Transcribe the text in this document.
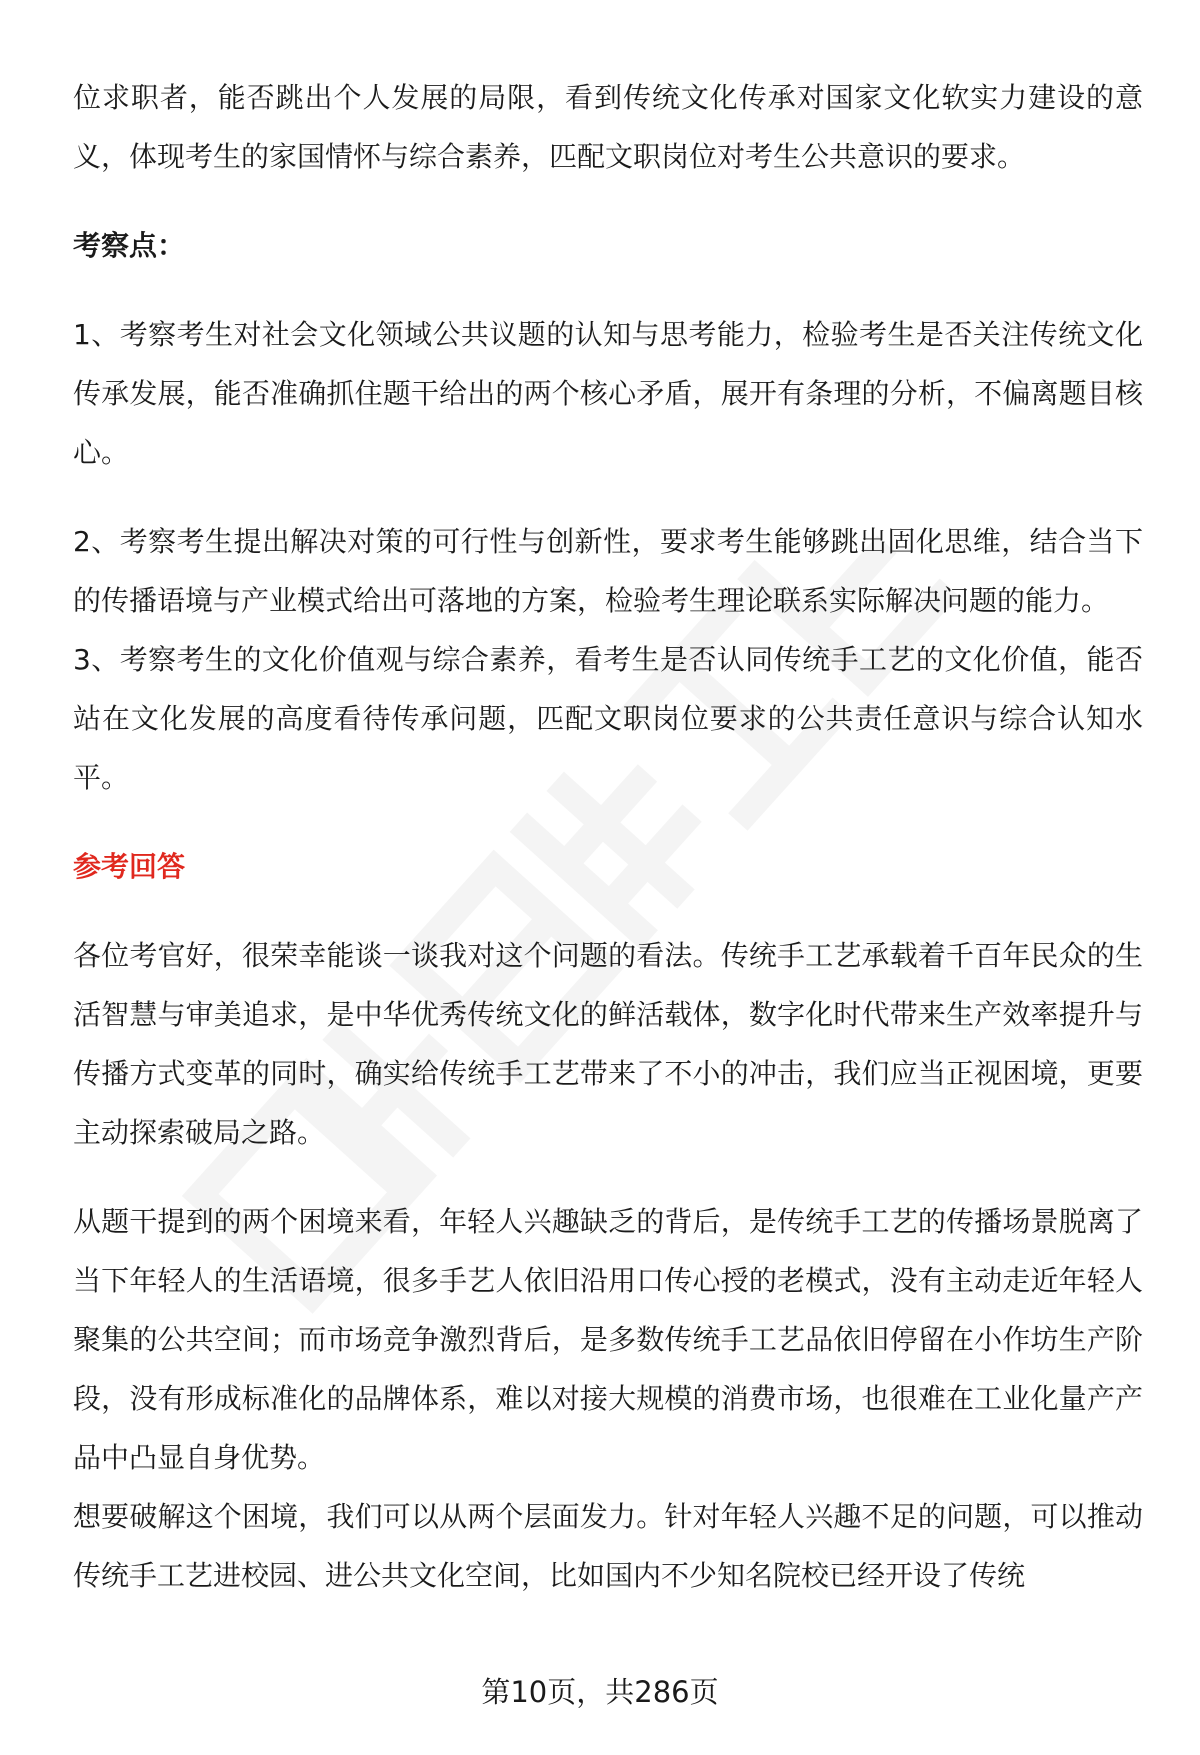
位求职者，能否跳出个人发展的局限，看到传统文化传承对国家文化软实力建设的意义，体现考生的家国情怀与综合素养，匹配文职岗位对考生公共意识的要求。

考察点：

1、考察考生对社会文化领域公共议题的认知与思考能力，检验考生是否关注传统文化传承发展，能否准确抓住题干给出的两个核心矛盾，展开有条理的分析，不偏离题目核心。

2、考察考生提出解决对策的可行性与创新性，要求考生能够跳出固化思维，结合当下的传播语境与产业模式给出可落地的方案，检验考生理论联系实际解决问题的能力。

3、考察考生的文化价值观与综合素养，看考生是否认同传统手工艺的文化价值，能否站在文化发展的高度看待传承问题，匹配文职岗位要求的公共责任意识与综合认知水平。

参考回答

各位考官好，很荣幸能谈一谈我对这个问题的看法。传统手工艺承载着千百年民众的生活智慧与审美追求，是中华优秀传统文化的鲜活载体，数字化时代带来生产效率提升与传播方式变革的同时，确实给传统手工艺带来了不小的冲击，我们应当正视困境，更要主动探索破局之路。

从题干提到的两个困境来看，年轻人兴趣缺乏的背后，是传统手工艺的传播场景脱离了当下年轻人的生活语境，很多手艺人依旧沿用口传心授的老模式，没有主动走近年轻人聚集的公共空间；而市场竞争激烈背后，是多数传统手工艺品依旧停留在小作坊生产阶段，没有形成标准化的品牌体系，难以对接大规模的消费市场，也很难在工业化量产产品中凸显自身优势。

想要破解这个困境，我们可以从两个层面发力。针对年轻人兴趣不足的问题，可以推动传统手工艺进校园、进公共文化空间，比如国内不少知名院校已经开设了传统

第10页，共286页
